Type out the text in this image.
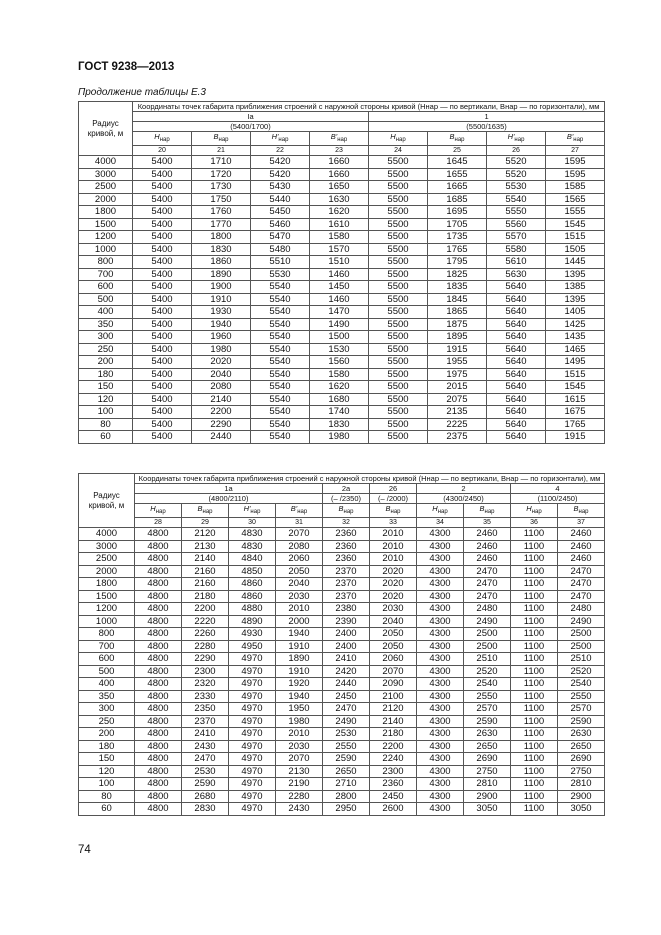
ГОСТ 9238—2013
Продолжение таблицы Е.3
Радиус кривой, м	Координаты точек габарита приближения строений с наружной стороны кривой (Hнар — по вертикали, Bнар — по горизонтали), мм							
	Iа				1			
	(5400/1700)				(5500/1635)			
	$H_{нар}$	$B_{нар}$	$H'_{нар}$	$B'_{нар}$	$H_{нар}$	$B_{нар}$	$H'_{нар}$	$B'_{нар}$
	20	21	22	23	24	25	26	27
4000	5400	1710	5420	1660	5500	1645	5520	1595
3000	5400	1720	5420	1660	5500	1655	5520	1595
2500	5400	1730	5430	1650	5500	1665	5530	1585
2000	5400	1750	5440	1630	5500	1685	5540	1565
1800	5400	1760	5450	1620	5500	1695	5550	1555
1500	5400	1770	5460	1610	5500	1705	5560	1545
1200	5400	1800	5470	1580	5500	1735	5570	1515
1000	5400	1830	5480	1570	5500	1765	5580	1505
800	5400	1860	5510	1510	5500	1795	5610	1445
700	5400	1890	5530	1460	5500	1825	5630	1395
600	5400	1900	5540	1450	5500	1835	5640	1385
500	5400	1910	5540	1460	5500	1845	5640	1395
400	5400	1930	5540	1470	5500	1865	5640	1405
350	5400	1940	5540	1490	5500	1875	5640	1425
300	5400	1960	5540	1500	5500	1895	5640	1435
250	5400	1980	5540	1530	5500	1915	5640	1465
200	5400	2020	5540	1560	5500	1955	5640	1495
180	5400	2040	5540	1580	5500	1975	5640	1515
150	5400	2080	5540	1620	5500	2015	5640	1545
120	5400	2140	5540	1680	5500	2075	5640	1615
100	5400	2200	5540	1740	5500	2135	5640	1675
80	5400	2290	5540	1830	5500	2225	5640	1765
60	5400	2440	5540	1980	5500	2375	5640	1915
Радиус кривой, м	Координаты точек габарита приближения строений с наружной стороны кривой (Hнар — по вертикали, Bнар — по горизонтали), мм									
	1а				2а	26	2		4	
	(4800/2110)				(– /2350)	(– /2000)	(4300/2450)		(1100/2450)	
	$H_{нар}$	$B_{нар}$	$H'_{нар}$	$B'_{нар}$	$B_{нар}$	$B_{нар}$	$H_{нар}$	$B_{нар}$	$H_{нар}$	$B_{нар}$
	28	29	30	31	32	33	34	35	36	37
4000	4800	2120	4830	2070	2360	2010	4300	2460	1100	2460
3000	4800	2130	4830	2080	2360	2010	4300	2460	1100	2460
2500	4800	2140	4840	2060	2360	2010	4300	2460	1100	2460
2000	4800	2160	4850	2050	2370	2020	4300	2470	1100	2470
1800	4800	2160	4860	2040	2370	2020	4300	2470	1100	2470
1500	4800	2180	4860	2030	2370	2020	4300	2470	1100	2470
1200	4800	2200	4880	2010	2380	2030	4300	2480	1100	2480
1000	4800	2220	4890	2000	2390	2040	4300	2490	1100	2490
800	4800	2260	4930	1940	2400	2050	4300	2500	1100	2500
700	4800	2280	4950	1910	2400	2050	4300	2500	1100	2500
600	4800	2290	4970	1890	2410	2060	4300	2510	1100	2510
500	4800	2300	4970	1910	2420	2070	4300	2520	1100	2520
400	4800	2320	4970	1920	2440	2090	4300	2540	1100	2540
350	4800	2330	4970	1940	2450	2100	4300	2550	1100	2550
300	4800	2350	4970	1950	2470	2120	4300	2570	1100	2570
250	4800	2370	4970	1980	2490	2140	4300	2590	1100	2590
200	4800	2410	4970	2010	2530	2180	4300	2630	1100	2630
180	4800	2430	4970	2030	2550	2200	4300	2650	1100	2650
150	4800	2470	4970	2070	2590	2240	4300	2690	1100	2690
120	4800	2530	4970	2130	2650	2300	4300	2750	1100	2750
100	4800	2590	4970	2190	2710	2360	4300	2810	1100	2810
80	4800	2680	4970	2280	2800	2450	4300	2900	1100	2900
60	4800	2830	4970	2430	2950	2600	4300	3050	1100	3050
74
